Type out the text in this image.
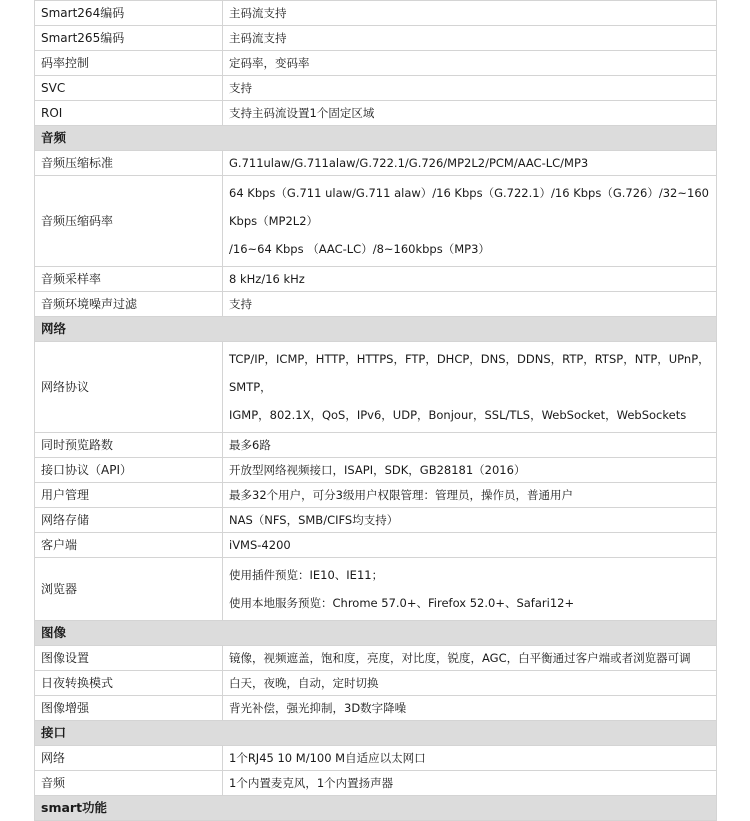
Smart264编码	主码流支持

Smart265编码	主码流支持

码率控制	定码率，变码率

SVC	支持

ROI	支持主码流设置1个固定区域

音频	
音频压缩标准	G.711ulaw/G.711alaw/G.722.1/G.726/MP2L2/PCM/AAC-LC/MP3

音频压缩码率	64 Kbps（G.711 ulaw/G.711 alaw）/16 Kbps（G.722.1）/16 Kbps（G.726）/32~160 Kbps（MP2L2）
/16~64 Kbps （AAC-LC）/8~160kbps（MP3）

音频采样率	8 kHz/16 kHz

音频环境噪声过滤	支持

网络	
网络协议	TCP/IP，ICMP，HTTP，HTTPS，FTP，DHCP，DNS，DDNS，RTP，RTSP，NTP，UPnP，SMTP，
IGMP，802.1X，QoS，IPv6，UDP，Bonjour，SSL/TLS，WebSocket，WebSockets

同时预览路数	最多6路

接口协议（API）	开放型网络视频接口，ISAPI，SDK，GB28181（2016）

用户管理	最多32个用户，可分3级用户权限管理：管理员，操作员，普通用户

网络存储	NAS（NFS，SMB/CIFS均支持）

客户端	iVMS-4200

浏览器	使用插件预览：IE10、IE11；
使用本地服务预览：Chrome 57.0+、Firefox 52.0+、Safari12+

图像	
图像设置	镜像，视频遮盖，饱和度，亮度，对比度，锐度，AGC，白平衡通过客户端或者浏览器可调

日夜转换模式	白天，夜晚，自动，定时切换

图像增强	背光补偿，强光抑制，3D数字降噪

接口	
网络	1个RJ45 10 M/100 M自适应以太网口

音频	1个内置麦克风，1个内置扬声器

smart功能	
